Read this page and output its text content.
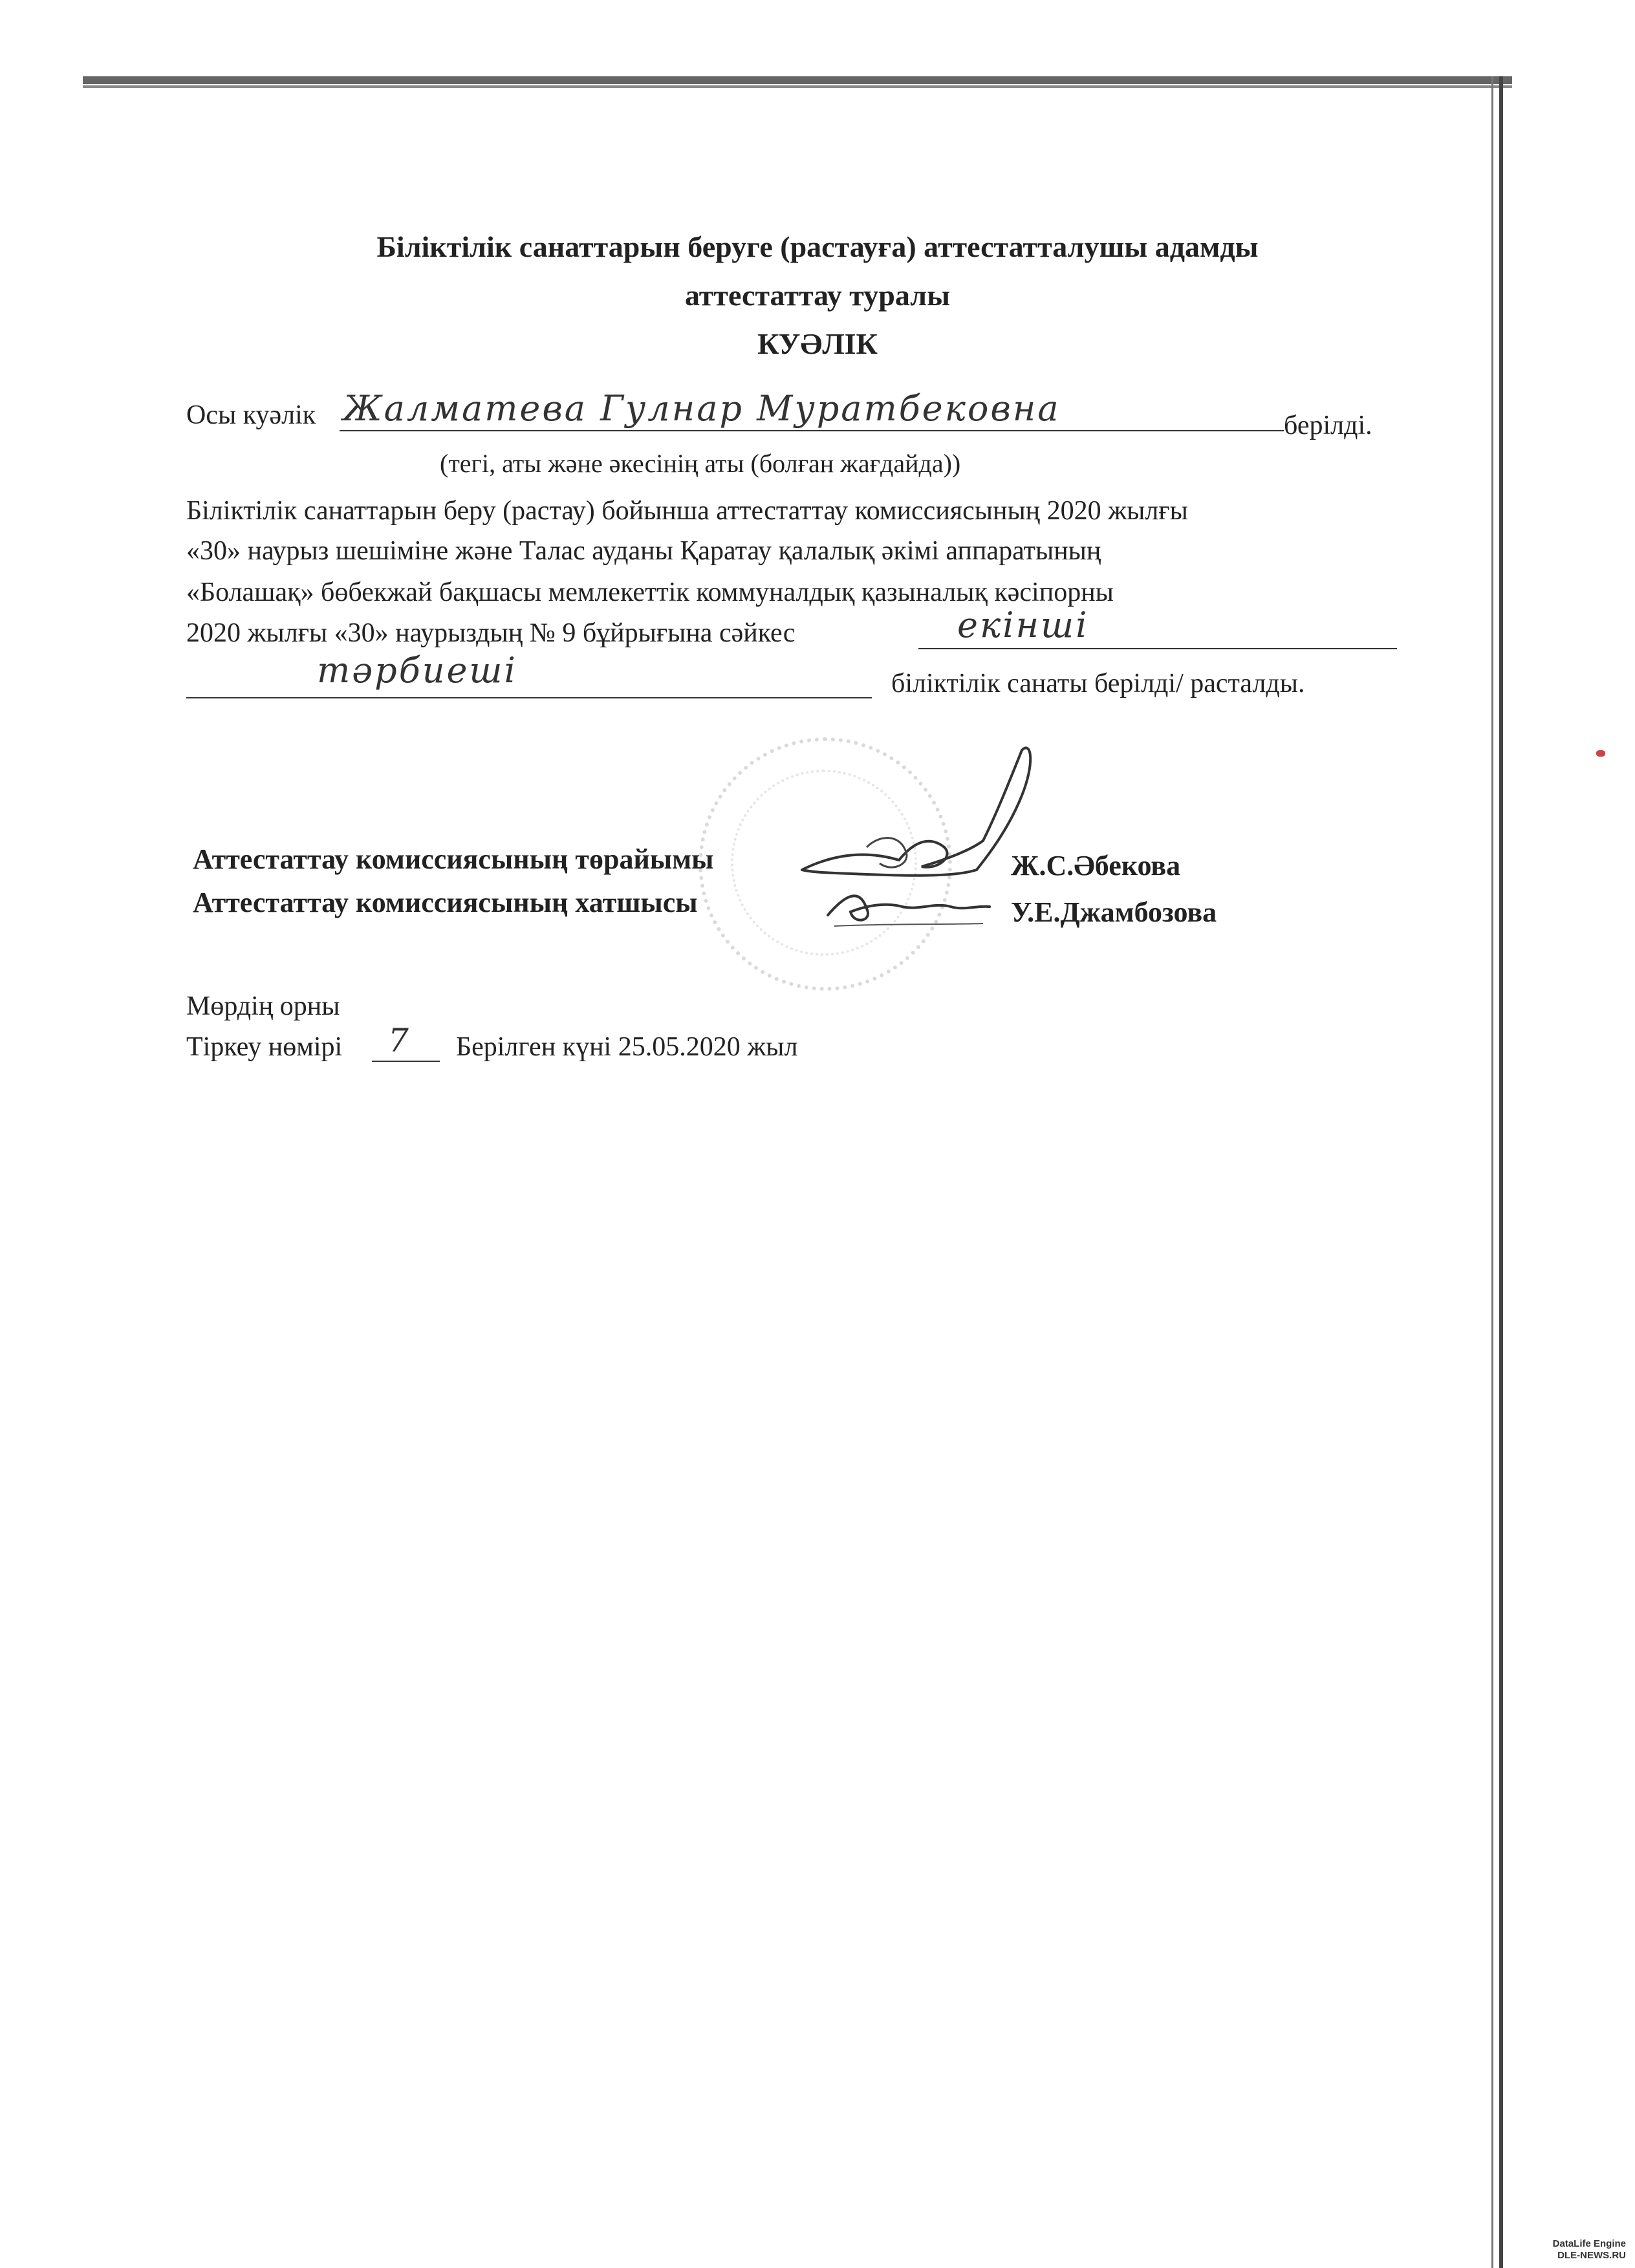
Біліктілік санаттарын беруге (растауға) аттестатталушы адамды
аттестаттау туралы
КУӘЛІК
Осы куәлік Жалматева Гулнар Муратбековна	берілді.
(тегі, аты және әкесінің аты (болған жағдайда))
Біліктілік санаттарын беру (растау) бойынша аттестаттау комиссиясының 2020 жылғы
«30» наурыз шешіміне және Талас ауданы Қаратау қалалық әкімі аппаратының
«Болашақ» бөбекжай бақшасы мемлекеттік коммуналдық қазыналық кәсіпорны
2020 жылғы «30» наурыздың № 9 бұйрығына сәйкес	екінші
тәрбиеші	біліктілік санаты берілді/ расталды.
Аттестаттау комиссиясының төрайымы	Ж.С.Әбекова
Аттестаттау комиссиясының хатшысы	У.Е.Джамбозова
Мөрдің орны
Тіркеу нөмірі 7 Берілген күні 25.05.2020 жыл
DataLife Engine
DLE-NEWS.RU
